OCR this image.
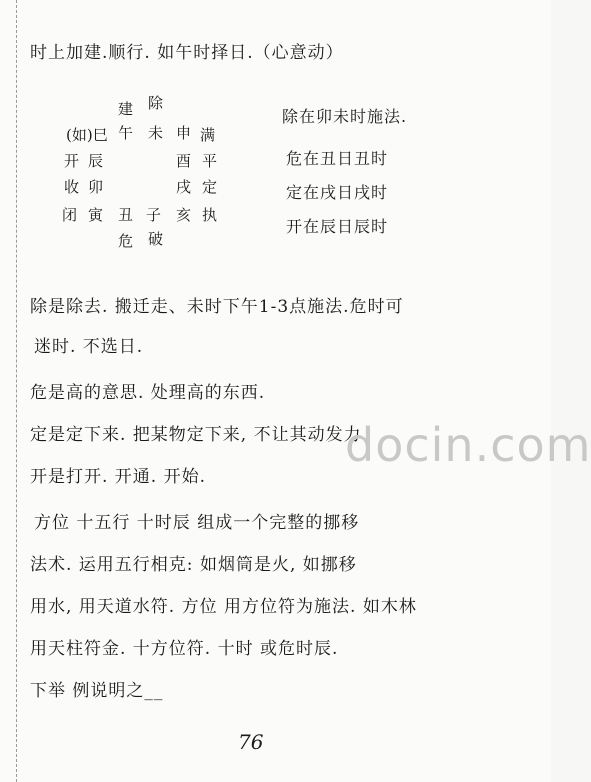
时上加建.顺行. 如午时择日.（心意动）
建 除
(如)巳 午 未 申 满
开 辰	酉 平
收 卯	戌 定
闭 寅 丑 子 亥 执
危 破
除在卯未时施法.
危在丑日丑时
定在戌日戌时
开在辰日辰时
除是除去. 搬迁走、未时下午1-3点施法.危时可
迷时. 不选日.
危是高的意思. 处理高的东西.
定是定下来. 把某物定下来, 不让其动发力.
开是打开. 开通. 开始.
方位 十五行 十时辰 组成一个完整的挪移
法术. 运用五行相克: 如烟筒是火, 如挪移
用水, 用天道水符. 方位 用方位符为施法. 如木林
用天柱符金. 十方位符. 十时 或危时辰.
下举 例说明之__
docin.com
76
